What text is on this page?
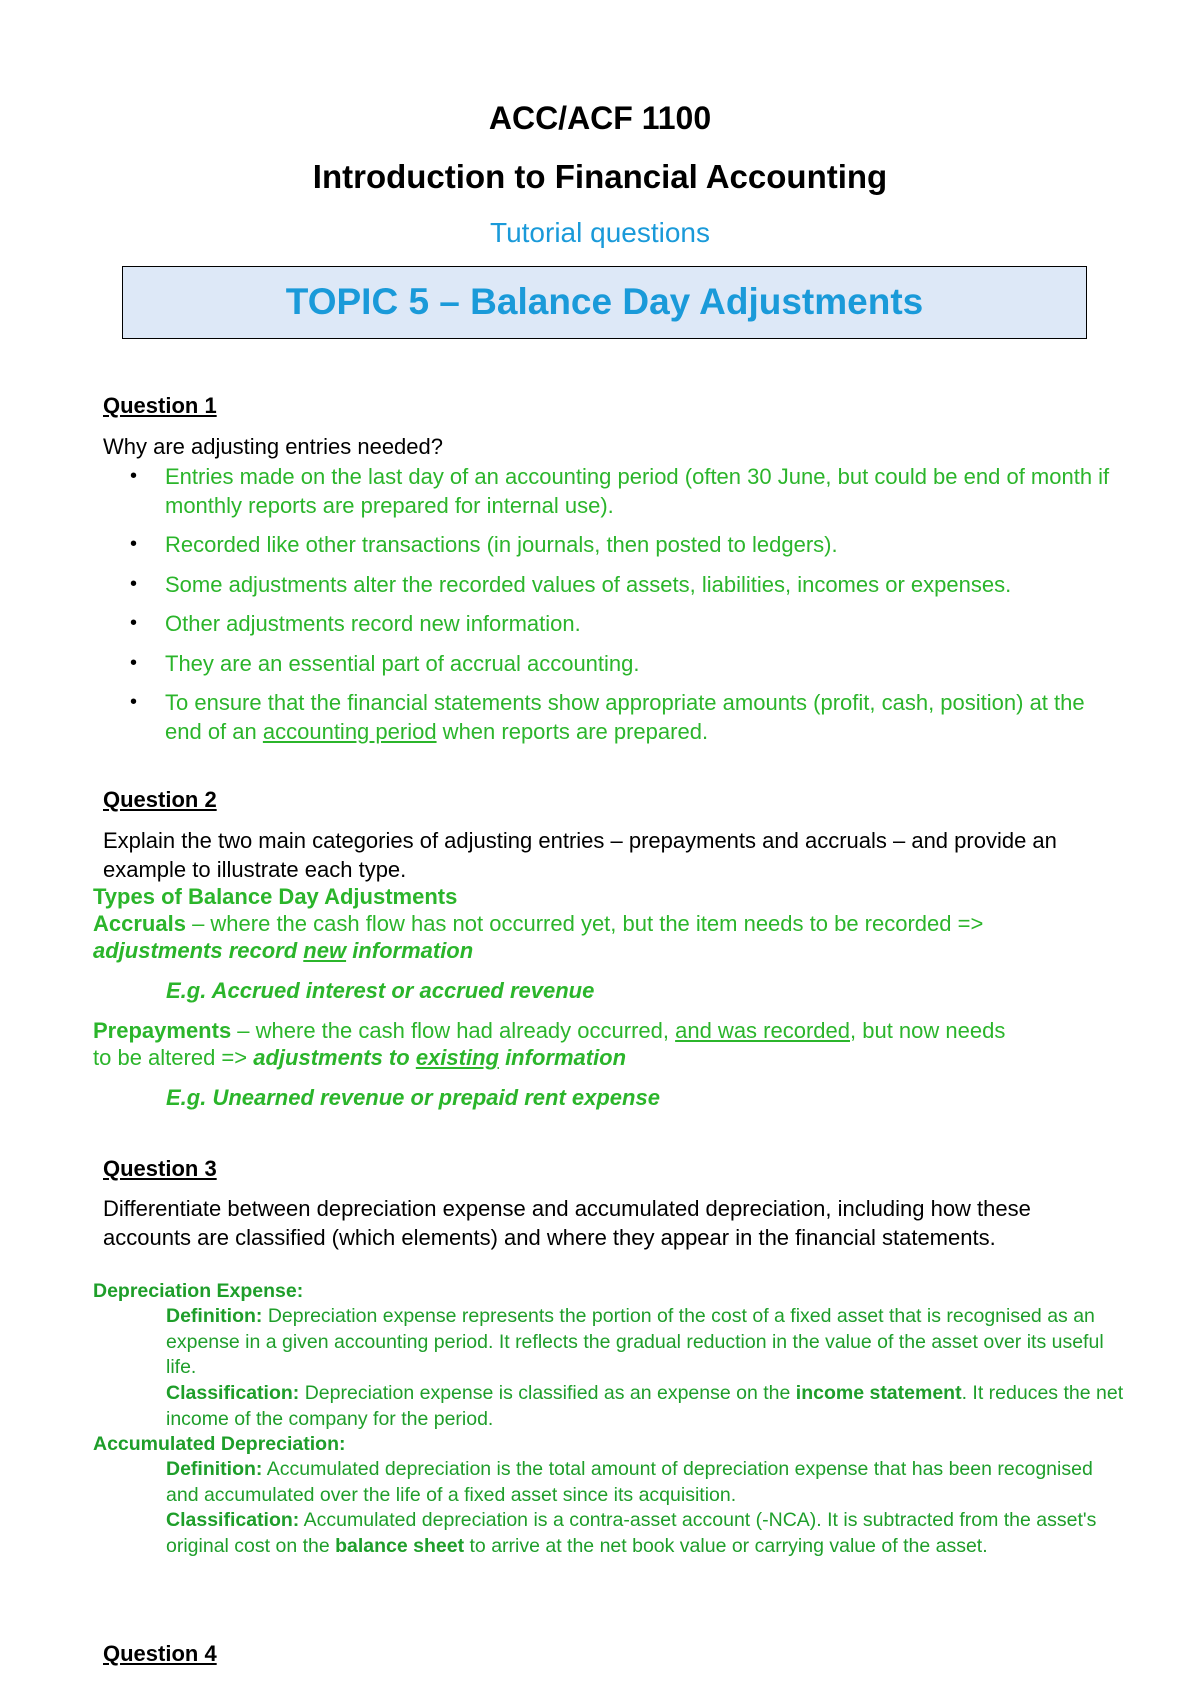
ACC/ACF 1100
Introduction to Financial Accounting
Tutorial questions
TOPIC 5 – Balance Day Adjustments
Question 1
Why are adjusting entries needed?
• Entries made on the last day of an accounting period (often 30 June, but could be end of month if monthly reports are prepared for internal use).
• Recorded like other transactions (in journals, then posted to ledgers).
• Some adjustments alter the recorded values of assets, liabilities, incomes or expenses.
• Other adjustments record new information.
• They are an essential part of accrual accounting.
• To ensure that the financial statements show appropriate amounts (profit, cash, position) at the end of an accounting period when reports are prepared.
Question 2
Explain the two main categories of adjusting entries – prepayments and accruals – and provide an example to illustrate each type.
Types of Balance Day Adjustments
Accruals – where the cash flow has not occurred yet, but the item needs to be recorded =>
adjustments record new information
E.g. Accrued interest or accrued revenue
Prepayments – where the cash flow had already occurred, and was recorded, but now needs
to be altered => adjustments to existing information
E.g. Unearned revenue or prepaid rent expense
Question 3
Differentiate between depreciation expense and accumulated depreciation, including how these accounts are classified (which elements) and where they appear in the financial statements.
Depreciation Expense:
Definition: Depreciation expense represents the portion of the cost of a fixed asset that is recognised as an expense in a given accounting period. It reflects the gradual reduction in the value of the asset over its useful life.
Classification: Depreciation expense is classified as an expense on the income statement. It reduces the net income of the company for the period.
Accumulated Depreciation:
Definition: Accumulated depreciation is the total amount of depreciation expense that has been recognised and accumulated over the life of a fixed asset since its acquisition.
Classification: Accumulated depreciation is a contra-asset account (-NCA). It is subtracted from the asset's original cost on the balance sheet to arrive at the net book value or carrying value of the asset.
Question 4
